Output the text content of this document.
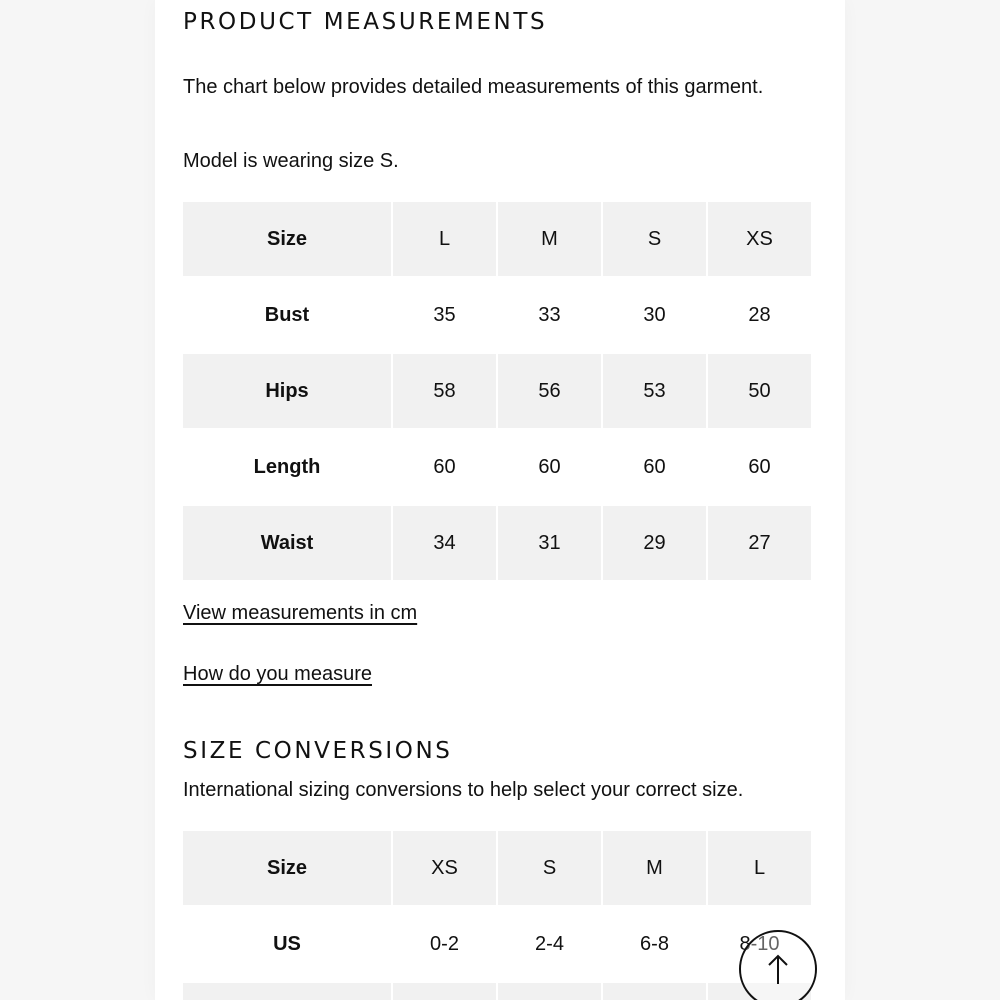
PRODUCT MEASUREMENTS

The chart below provides detailed measurements of this garment.

Model is wearing size S.

Size	L	M	S	XS
Bust	35	33	30	28
Hips	58	56	53	50
Length	60	60	60	60
Waist	34	31	29	27
View measurements in cm
How do you measure
SIZE CONVERSIONS

International sizing conversions to help select your correct size.

Size	XS	S	M	L
US	0-2	2-4	6-8	8-10
